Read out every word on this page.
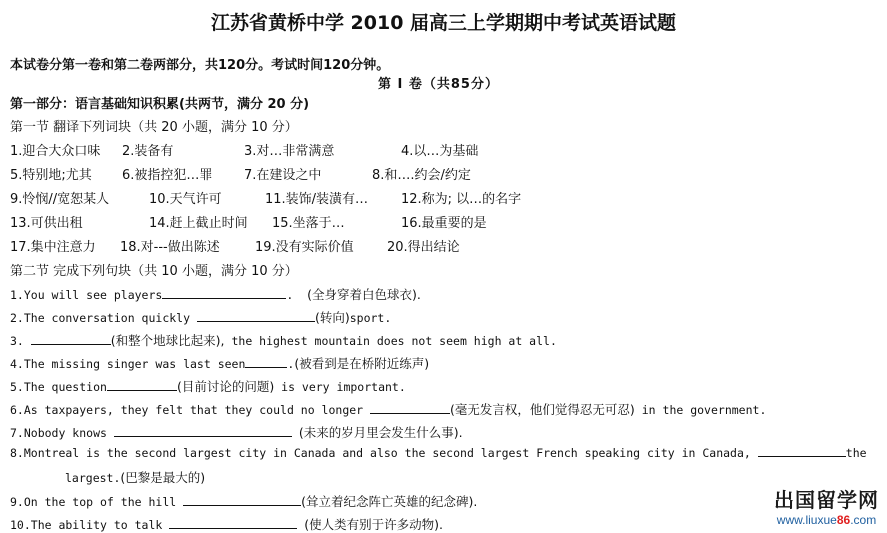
江苏省黄桥中学 2010 届高三上学期期中考试英语试题
本试卷分第一卷和第二卷两部分，共120分。考试时间120分钟。
第 I 卷（共85分）
第一部分：语言基础知识积累(共两节，满分 20 分)
第一节 翻译下列词块（共 20 小题，满分 10 分）
1.迎合大众口味 2.装备有	3.对…非常满意	4.以…为基础
5.特别地;尤其 6.被指控犯…罪 7.在建设之中	8.和….约会/约定
9.怜悯//宽恕某人	10.天气许可	11.装饰/装潢有…	12.称为; 以…的名字
13.可供出租	14.赶上截止时间 15.坐落于…	16.最重要的是
17.集中注意力 18.对---做出陈述	19.没有实际价值	20.得出结论
第二节 完成下列句块（共 10 小题，满分 10 分）
1.You will see players	. (全身穿着白色球衣).
2.The conversation quickly	(转向)sport.
3.	(和整个地球比起来), the highest mountain does not seem high at all.
4.The missing singer was last seen	.(被看到是在桥附近练声)
5.The question	(目前讨论的问题) is very important.
6.As taxpayers, they felt that they could no longer	(毫无发言权，他们觉得忍无可忍) in the government.
7.Nobody knows	(未来的岁月里会发生什么事).
8.Montreal is the second largest city in Canada and also the second largest French speaking city in Canada,	the
largest.(巴黎是最大的)
9.On the top of the hill	(耸立着纪念阵亡英雄的纪念碑).
10.The ability to talk	(使人类有别于许多动物).
出国留学网
www.liuxue86.com
